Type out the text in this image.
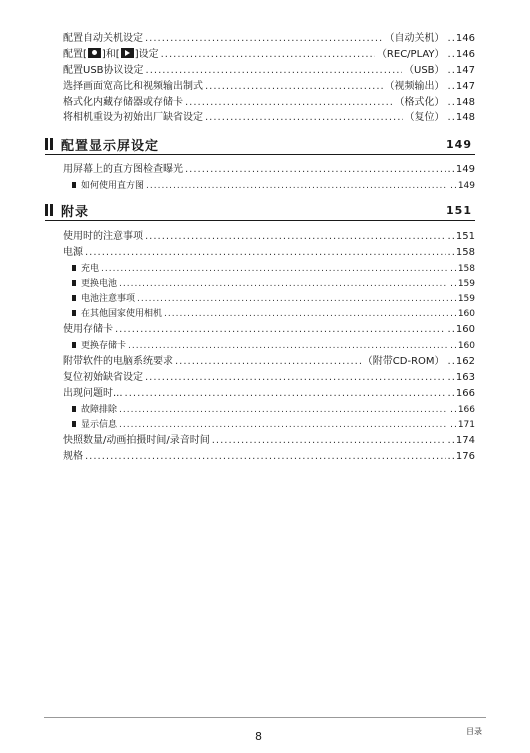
配置自动关机设定 .....	（自动关机）	.. 146
配置[ ]和[ ]设定 .....	（REC/PLAY）	.. 146
配置USB协议设定 .....	（USB）	.. 147
选择画面宽高比和视频输出制式 .....	（视频输出）	.. 147
格式化内藏存储器或存储卡 .....	（格式化）	.. 148
将相机重设为初始出厂缺省设定 .....	（复位）	.. 148
配置显示屏设定	149
用屏幕上的直方图检查曝光 .....	.. 149
如何使用直方图 .....	.. 149
附录	151
使用时的注意事项 .....	.. 151
电源 .....	.. 158
充电 .....	.. 158
更换电池 .....	.. 159
电池注意事项 .....	.. 159
在其他国家使用相机 .....	.. 160
使用存储卡 .....	.. 160
更换存储卡 .....	.. 160
附带软件的电脑系统要求 .....	（附带CD-ROM）	.. 162
复位初始缺省设定 .....	.. 163
出现问题时... .....	.. 166
故障排除 .....	.. 166
显示信息 .....	.. 171
快照数量/动画拍摄时间/录音时间 .....	.. 174
规格 .....	.. 176
8	目录
